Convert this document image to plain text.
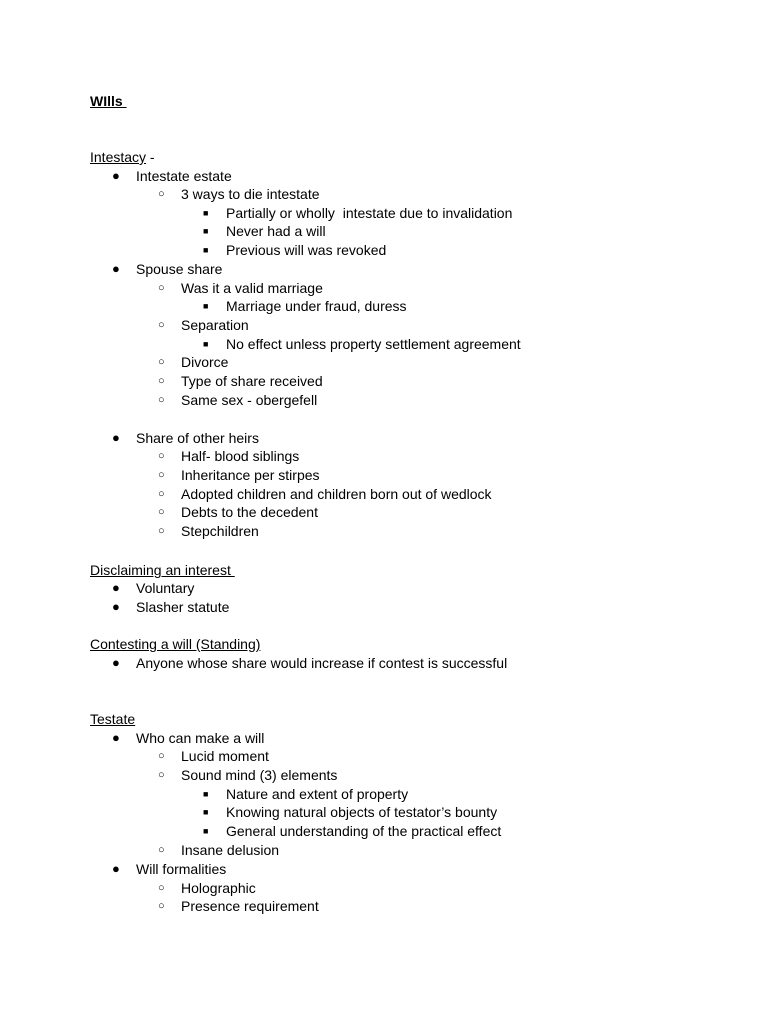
WIlls
Intestacy -
● Intestate estate
○	3 ways to die intestate
■	Partially or wholly  intestate due to invalidation
■	Never had a will
■	Previous will was revoked
● Spouse share
○	Was it a valid marriage
■	Marriage under fraud, duress
○	Separation
■	No effect unless property settlement agreement
○	Divorce
○	Type of share received
○	Same sex - obergefell
● Share of other heirs
○	Half- blood siblings
○	Inheritance per stirpes
○	Adopted children and children born out of wedlock
○	Debts to the decedent
○	Stepchildren
Disclaiming an interest
● Voluntary
● Slasher statute
Contesting a will (Standing)
● Anyone whose share would increase if contest is successful
Testate
● Who can make a will
○	Lucid moment
○	Sound mind (3) elements
■	Nature and extent of property
■	Knowing natural objects of testator’s bounty
■	General understanding of the practical effect
○	Insane delusion
● Will formalities
○	Holographic
○	Presence requirement
